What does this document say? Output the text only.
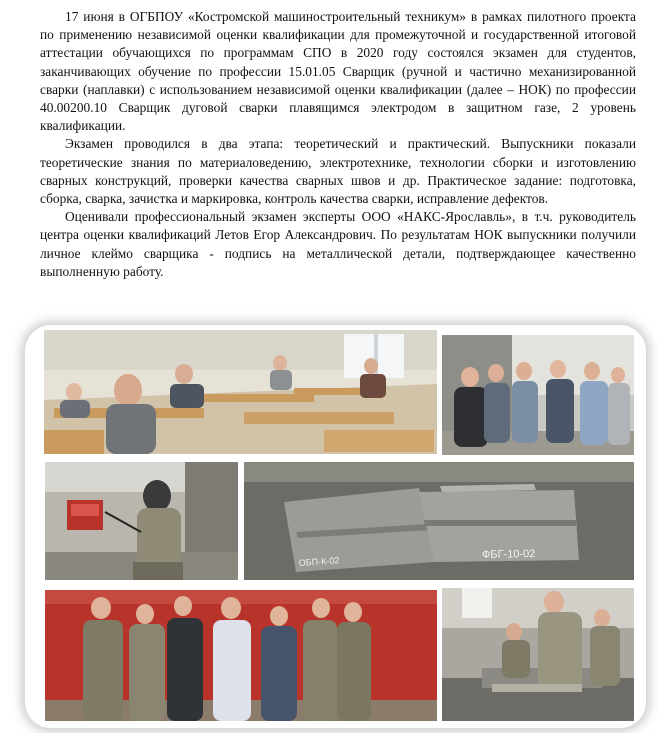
17 июня в ОГБПОУ «Костромской машиностроительный техникум» в рамках пилотного проекта по применению независимой оценки квалификации для промежуточной и государственной итоговой аттестации обучающихся по программам СПО в 2020 году состоялся экзамен для студентов, заканчивающих обучение по профессии 15.01.05 Сварщик (ручной и частично механизированной сварки (наплавки) с использованием независимой оценки квалификации (далее – НОК) по профессии 40.00200.10 Сварщик дуговой сварки плавящимся электродом в защитном газе, 2 уровень квалификации.

Экзамен проводился в два этапа: теоретический и практический. Выпускники показали теоретические знания по материаловедению, электротехнике, технологии сборки и изготовлению сварных конструкций, проверки качества сварных швов и др. Практическое задание: подготовка, сборка, сварка, зачистка и маркировка, контроль качества сварки, исправление дефектов.

Оценивали профессиональный экзамен эксперты ООО «НАКС-Ярославль», в т.ч. руководитель центра оценки квалификаций Летов Егор Александрович. По результатам НОК выпускники получили личное клеймо сварщика - подпись на металлической детали, подтверждающее качественно выполненную работу.

ОБП-К-02
ФБГ-10-02
